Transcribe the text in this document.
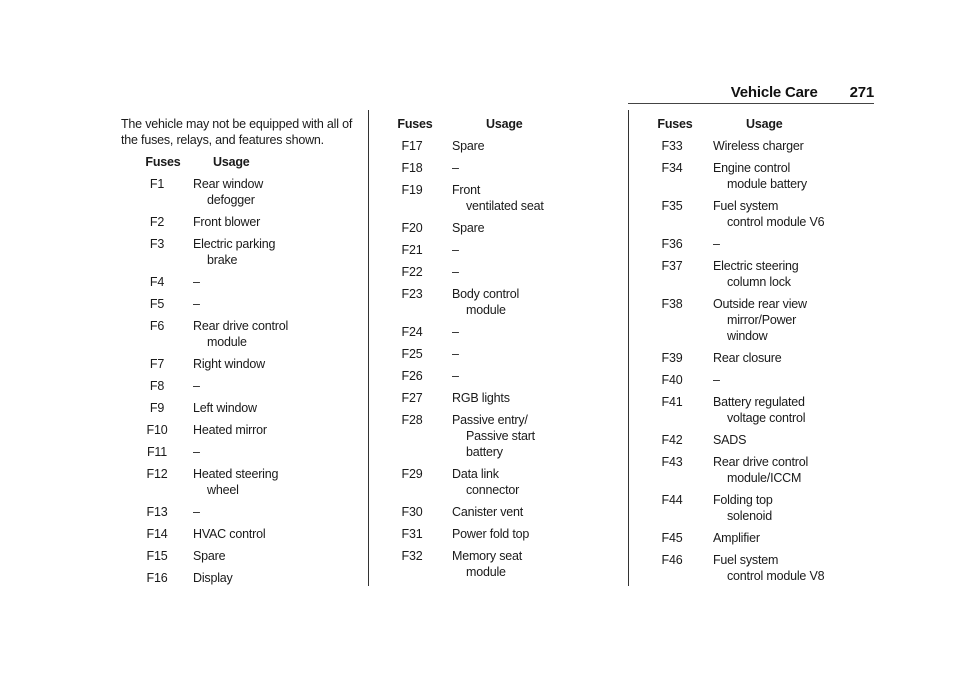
Vehicle Care 271

The vehicle may not be equipped with all of the fuses, relays, and features shown.

Fuses	Usage
F1	Rear window
defogger
F2	Front blower
F3	Electric parking
brake
F4	–
F5	–
F6	Rear drive control
module
F7	Right window
F8	–
F9	Left window
F10	Heated mirror
F11	–
F12	Heated steering
wheel
F13	–
F14	HVAC control
F15	Spare
F16	Display
Fuses	Usage
F17	Spare
F18	–
F19	Front
ventilated seat
F20	Spare
F21	–
F22	–
F23	Body control
module
F24	–
F25	–
F26	–
F27	RGB lights
F28	Passive entry/
Passive start
battery
F29	Data link
connector
F30	Canister vent
F31	Power fold top
F32	Memory seat
module
Fuses	Usage
F33	Wireless charger
F34	Engine control
module battery
F35	Fuel system
control module V6
F36	–
F37	Electric steering
column lock
F38	Outside rear view
mirror/Power
window
F39	Rear closure
F40	–
F41	Battery regulated
voltage control
F42	SADS
F43	Rear drive control
module/ICCM
F44	Folding top
solenoid
F45	Amplifier
F46	Fuel system
control module V8
